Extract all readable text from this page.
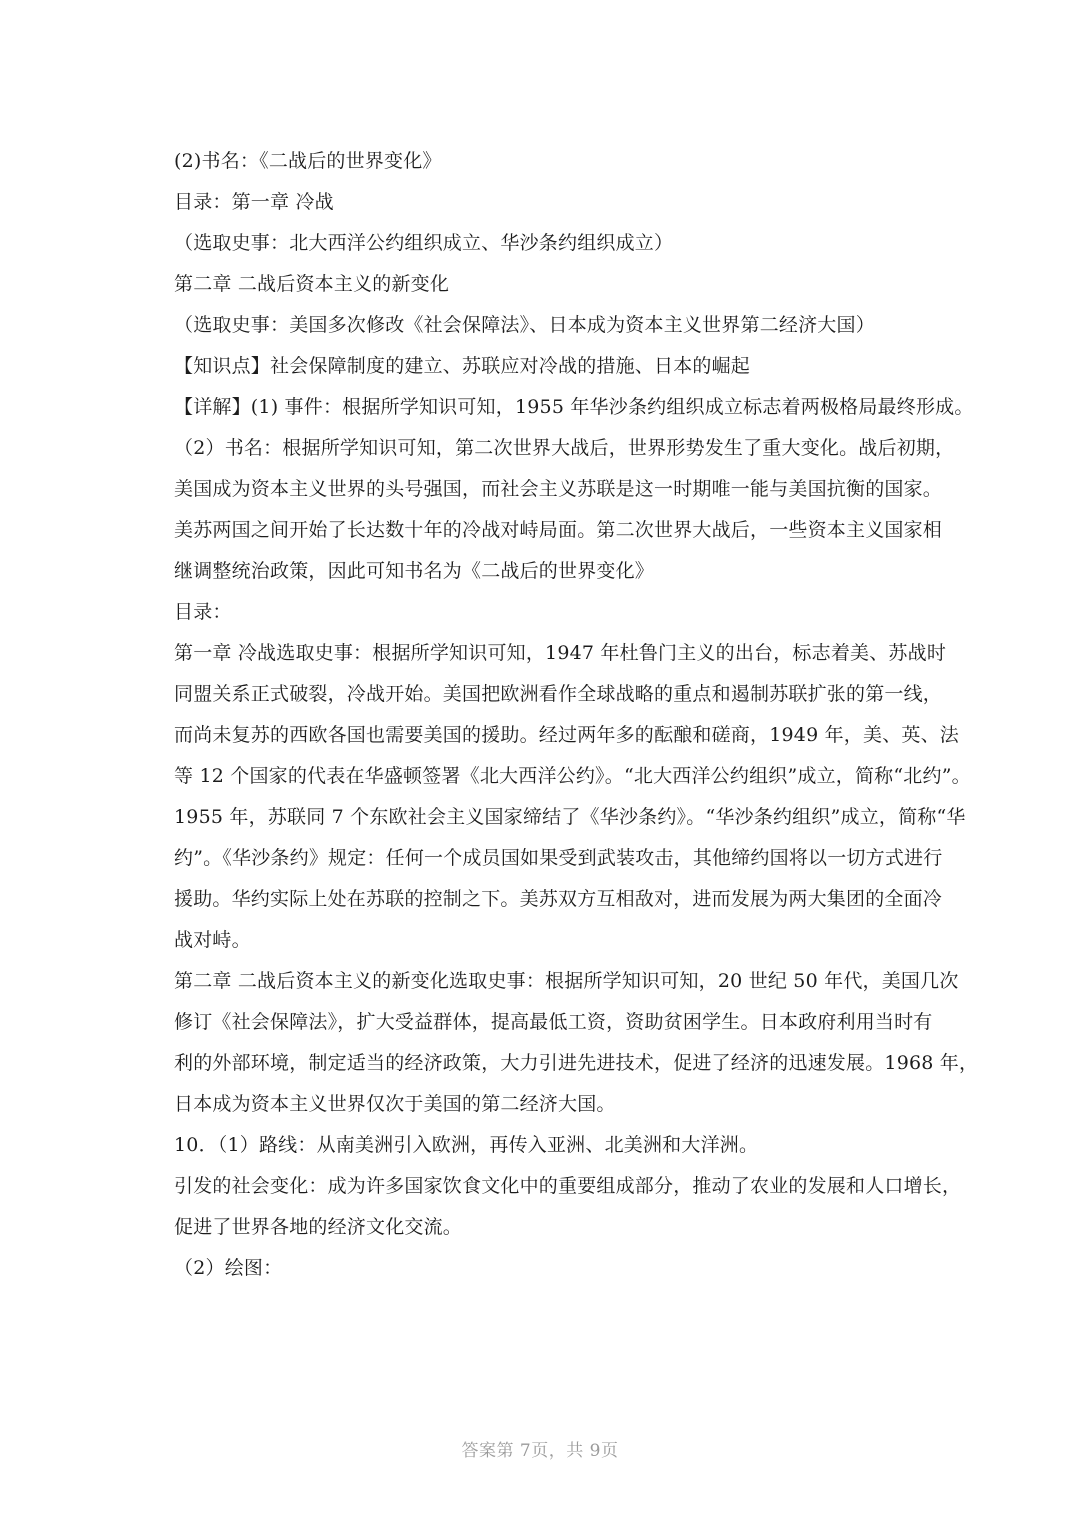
(2)书名：《二战后的世界变化》
目录：第一章 冷战
（选取史事：北大西洋公约组织成立、华沙条约组织成立）
第二章 二战后资本主义的新变化
（选取史事：美国多次修改《社会保障法》、日本成为资本主义世界第二经济大国）
【知识点】社会保障制度的建立、苏联应对冷战的措施、日本的崛起
【详解】(1) 事件：根据所学知识可知，1955 年华沙条约组织成立标志着两极格局最终形成。
（2）书名：根据所学知识可知，第二次世界大战后，世界形势发生了重大变化。战后初期，
美国成为资本主义世界的头号强国，而社会主义苏联是这一时期唯一能与美国抗衡的国家。
美苏两国之间开始了长达数十年的冷战对峙局面。第二次世界大战后，一些资本主义国家相
继调整统治政策，因此可知书名为《二战后的世界变化》
目录：
第一章 冷战选取史事：根据所学知识可知，1947 年杜鲁门主义的出台，标志着美、苏战时
同盟关系正式破裂，冷战开始。美国把欧洲看作全球战略的重点和遏制苏联扩张的第一线，
而尚未复苏的西欧各国也需要美国的援助。经过两年多的酝酿和磋商，1949 年，美、英、法
等 12 个国家的代表在华盛顿签署《北大西洋公约》。“北大西洋公约组织”成立，简称“北约”。
1955 年，苏联同 7 个东欧社会主义国家缔结了《华沙条约》。“华沙条约组织”成立，简称“华
约”。《华沙条约》规定：任何一个成员国如果受到武装攻击，其他缔约国将以一切方式进行
援助。华约实际上处在苏联的控制之下。美苏双方互相敌对，进而发展为两大集团的全面冷
战对峙。
第二章 二战后资本主义的新变化选取史事：根据所学知识可知，20 世纪 50 年代，美国几次
修订《社会保障法》，扩大受益群体，提高最低工资，资助贫困学生。日本政府利用当时有
利的外部环境，制定适当的经济政策，大力引进先进技术，促进了经济的迅速发展。1968 年，
日本成为资本主义世界仅次于美国的第二经济大国。
10．（1）路线：从南美洲引入欧洲，再传入亚洲、北美洲和大洋洲。
引发的社会变化：成为许多国家饮食文化中的重要组成部分，推动了农业的发展和人口增长，
促进了世界各地的经济文化交流。
（2）绘图：
答案第 7页，共 9页
